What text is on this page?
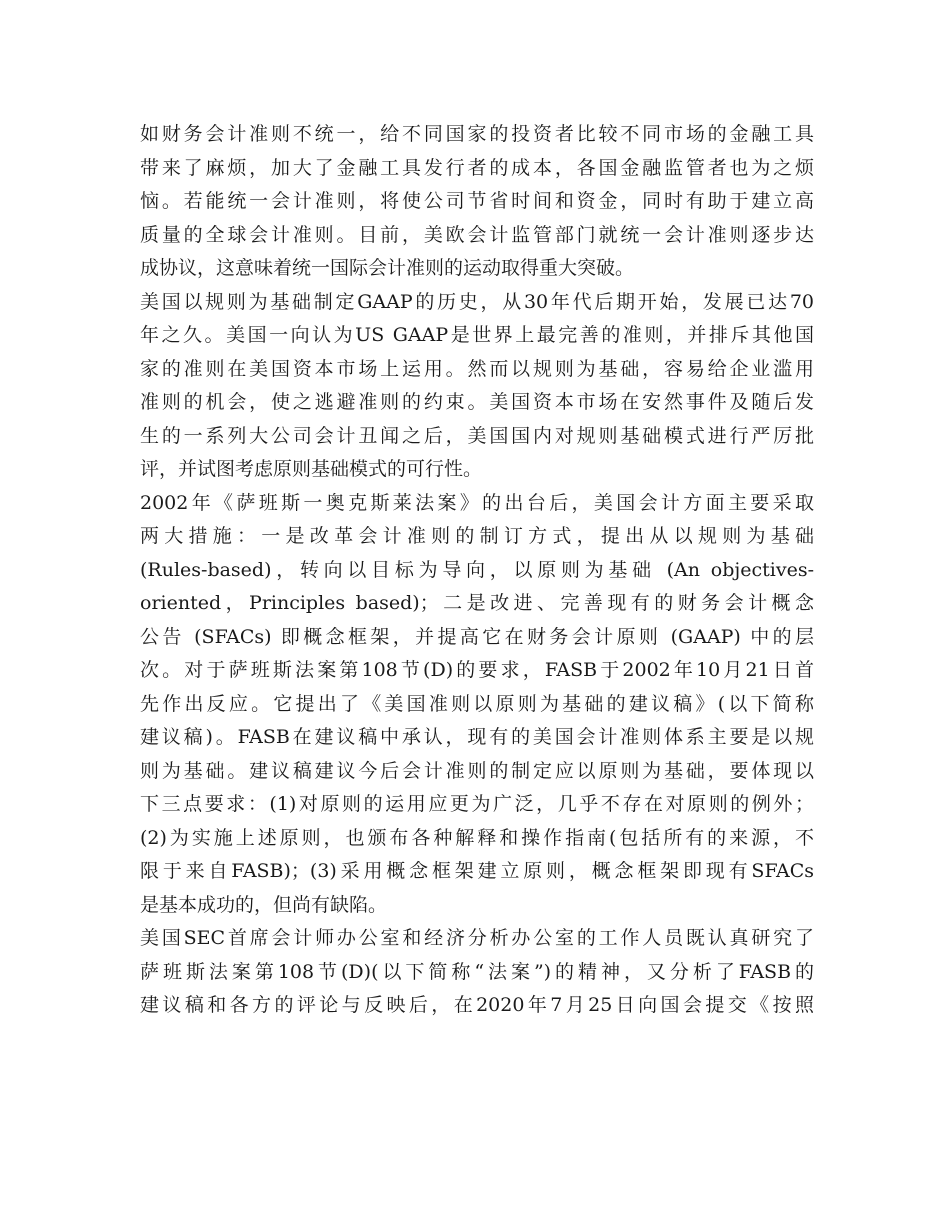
如财务会计准则不统一，给不同国家的投资者比较不同市场的金融工具
带来了麻烦，加大了金融工具发行者的成本，各国金融监管者也为之烦
恼。若能统一会计准则，将使公司节省时间和资金，同时有助于建立高
质量的全球会计准则。目前，美欧会计监管部门就统一会计准则逐步达
成协议，这意味着统一国际会计准则的运动取得重大突破。
美国以规则为基础制定GAAP的历史，从30年代后期开始，发展已达70
年之久。美国一向认为US GAAP是世界上最完善的准则，并排斥其他国
家的准则在美国资本市场上运用。然而以规则为基础，容易给企业滥用
准则的机会，使之逃避准则的约束。美国资本市场在安然事件及随后发
生的一系列大公司会计丑闻之后，美国国内对规则基础模式进行严厉批
评，并试图考虑原则基础模式的可行性。
2002年《萨班斯一奥克斯莱法案》的出台后，美国会计方面主要采取
两大措施：一是改革会计准则的制订方式，提出从以规则为基础
(Rules-based)，转向以目标为导向，以原则为基础 (An objectives-
oriented，Principles based)；二是改进、完善现有的财务会计概念
公告 (SFACs) 即概念框架，并提高它在财务会计原则 (GAAP) 中的层
次。对于萨班斯法案第108节(D)的要求，FASB于2002年10月21日首
先作出反应。它提出了《美国准则以原则为基础的建议稿》(以下简称
建议稿)。FASB在建议稿中承认，现有的美国会计准则体系主要是以规
则为基础。建议稿建议今后会计准则的制定应以原则为基础，要体现以
下三点要求：(1)对原则的运用应更为广泛，几乎不存在对原则的例外；
(2)为实施上述原则，也颁布各种解释和操作指南(包括所有的来源，不
限于来自FASB)；(3)采用概念框架建立原则，概念框架即现有SFACs
是基本成功的，但尚有缺陷。
美国SEC首席会计师办公室和经济分析办公室的工作人员既认真研究了
萨班斯法案第108节(D)(以下简称“法案”)的精神，又分析了FASB的
建议稿和各方的评论与反映后，在2020年7月25日向国会提交《按照
